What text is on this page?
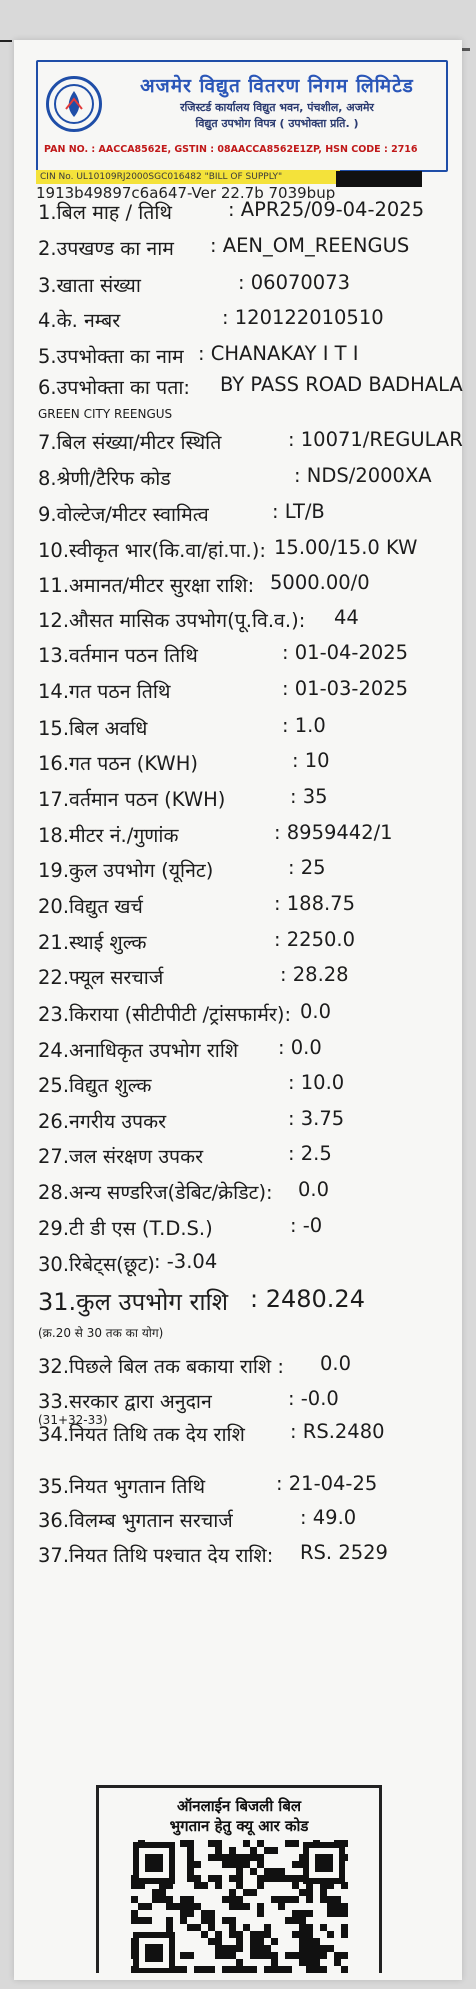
अजमेर विद्युत वितरण निगम लिमिटेड
रजिस्टर्ड कार्यालय विद्युत भवन, पंचशील, अजमेर
विद्युत उपभोग विपत्र ( उपभोक्ता प्रति. )
PAN NO. : AACCA8562E, GSTIN : 08AACCA8562E1ZP, HSN CODE : 2716
CIN No. UL10109RJ2000SGC016482 "BILL OF SUPPLY"
1913b49897c6a647-Ver 22.7b 7039bup
1.बिल माह / तिथि	: APR25/09-04-2025
2.उपखण्ड का नाम : AEN_OM_REENGUS
3.खाता संख्या	: 06070073
4.के. नम्बर	: 120122010510
5.उपभोक्ता का नाम : CHANAKAY I T I
6.उपभोक्ता का पता: BY PASS ROAD BADHALA
7.बिल संख्या/मीटर स्थिति	: 10071/REGULAR
8.श्रेणी/टैरिफ कोड	: NDS/2000XA
9.वोल्टेज/मीटर स्वामित्व	: LT/B
10.स्वीकृत भार(कि.वा/हां.पा.): 15.00/15.0 KW
11.अमानत/मीटर सुरक्षा राशि: 5000.00/0
12.औसत मासिक उपभोग(पू.वि.व.): 44
13.वर्तमान पठन तिथि	: 01-04-2025
14.गत पठन तिथि	: 01-03-2025
15.बिल अवधि	: 1.0
16.गत पठन (KWH)	: 10
17.वर्तमान पठन (KWH)	: 35
18.मीटर नं./गुणांक	: 8959442/1
19.कुल उपभोग (यूनिट)	: 25
20.विद्युत खर्च	: 188.75
21.स्थाई शुल्क	: 2250.0
22.फ्यूल सरचार्ज	: 28.28
23.किराया (सीटीपीटी /ट्रांसफार्मर): 0.0
24.अनाधिकृत उपभोग राशि : 0.0
25.विद्युत शुल्क	: 10.0
26.नगरीय उपकर	: 3.75
27.जल संरक्षण उपकर	: 2.5
28.अन्य सण्डरिज(डेबिट/क्रेडिट): 0.0
29.टी डी एस (T.D.S.)	: -0
30.रिबेट्स(छूट) : -3.04
31.कुल उपभोग राशि : 2480.24
32.पिछले बिल तक बकाया राशि : 0.0
33.सरकार द्वारा अनुदान	: -0.0
34.नियत तिथि तक देय राशि : RS.2480
35.नियत भुगतान तिथि	: 21-04-25
36.विलम्ब भुगतान सरचार्ज	: 49.0
37.नियत तिथि पश्चात देय राशि: RS. 2529
GREEN CITY REENGUS
(क्र.20 से 30 तक का योग)
(31+32-33)
ऑनलाईन बिजली बिल
भुगतान हेतु क्यू आर कोड
